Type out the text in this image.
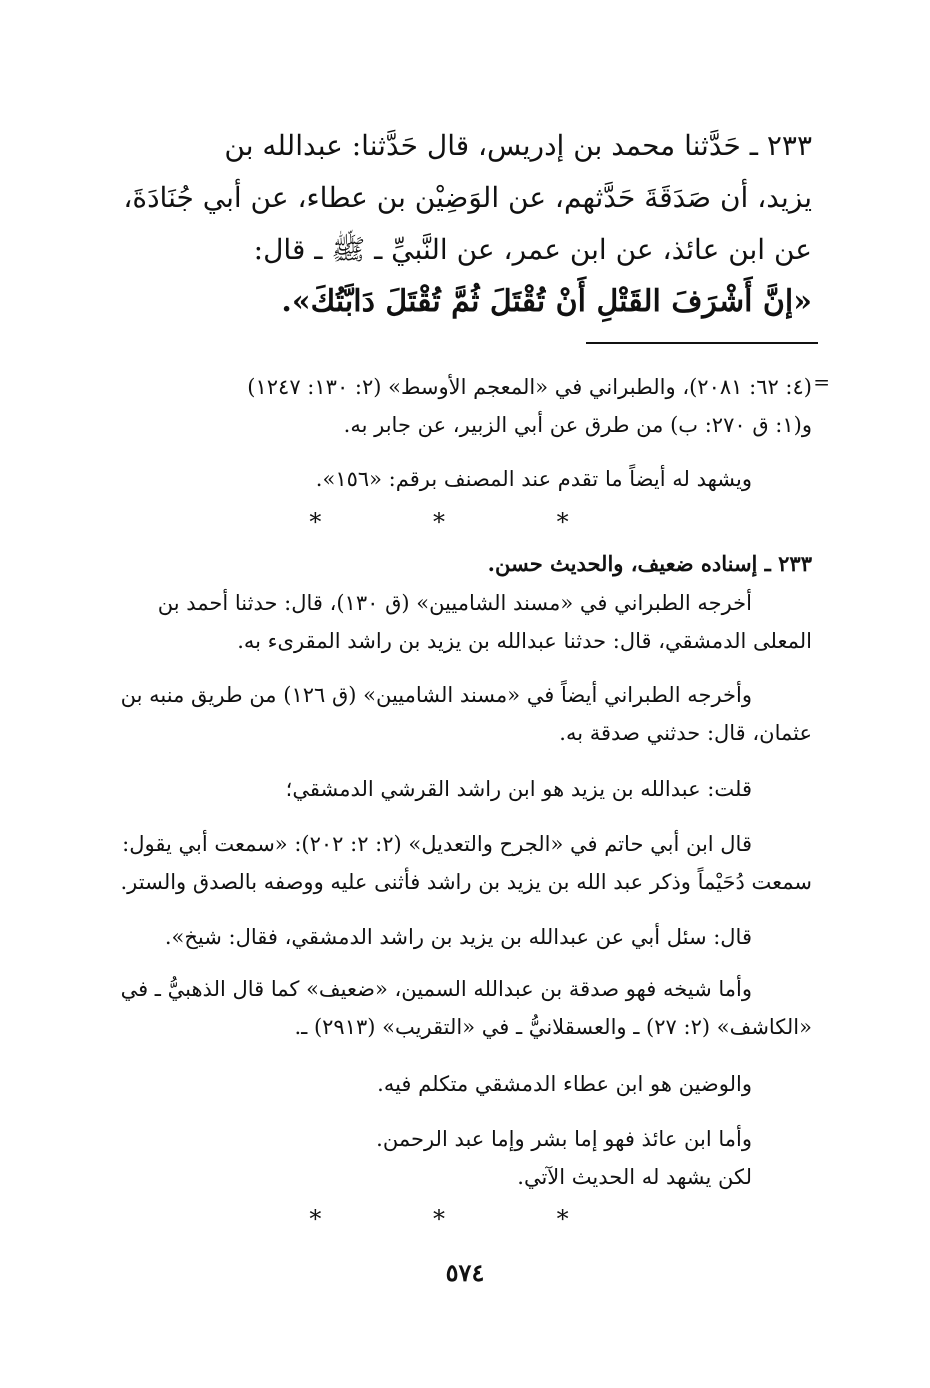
٢٣٣ ـ حَدَّثنا محمد بن إدريس، قال حَدَّثنا: عبدالله بن
يزيد، أن صَدَقَةَ حَدَّثهم، عن الوَضِيْن بن عطاء، عن أبي جُنَادَةَ،
عن ابن عائذ، عن ابن عمر، عن النَّبيِّ ـ ﷺ ـ قال:
«إنَّ أَشْرَفَ القَتْلِ أَنْ تُقْتَلَ ثُمَّ تُقْتَلَ دَابَّتُكَ».
=
(٤: ٦٢: ٢٠٨١)، والطبراني في «المعجم الأوسط» (٢: ١٣٠: ١٢٤٧)
و(١: ق ٢٧٠: ب) من طرق عن أبي الزبير، عن جابر به.
ويشهد له أيضاً ما تقدم عند المصنف برقم: «١٥٦».
* * *
٢٣٣ ـ إسناده ضعيف، والحديث حسن.
أخرجه الطبراني في «مسند الشاميين» (ق ١٣٠)، قال: حدثنا أحمد بن
المعلى الدمشقي، قال: حدثنا عبدالله بن يزيد بن راشد المقرىء به.
وأخرجه الطبراني أيضاً في «مسند الشاميين» (ق ١٢٦) من طريق منبه بن
عثمان، قال: حدثني صدقة به.
قلت: عبدالله بن يزيد هو ابن راشد القرشي الدمشقي؛
قال ابن أبي حاتم في «الجرح والتعديل» (٢: ٢: ٢٠٢): «سمعت أبي يقول:
سمعت دُحَيْماً وذكر عبد الله بن يزيد بن راشد فأثنى عليه ووصفه بالصدق والستر.
قال: سئل أبي عن عبدالله بن يزيد بن راشد الدمشقي، فقال: شيخ».
وأما شيخه فهو صدقة بن عبدالله السمين، «ضعيف» كما قال الذهبيُّ ـ في
«الكاشف» (٢: ٢٧) ـ والعسقلانيُّ ـ في «التقريب» (٢٩١٣) ـ.
والوضين هو ابن عطاء الدمشقي متكلم فيه.
وأما ابن عائذ فهو إما بشر وإما عبد الرحمن.
لكن يشهد له الحديث الآتي.
* * *
٥٧٤
